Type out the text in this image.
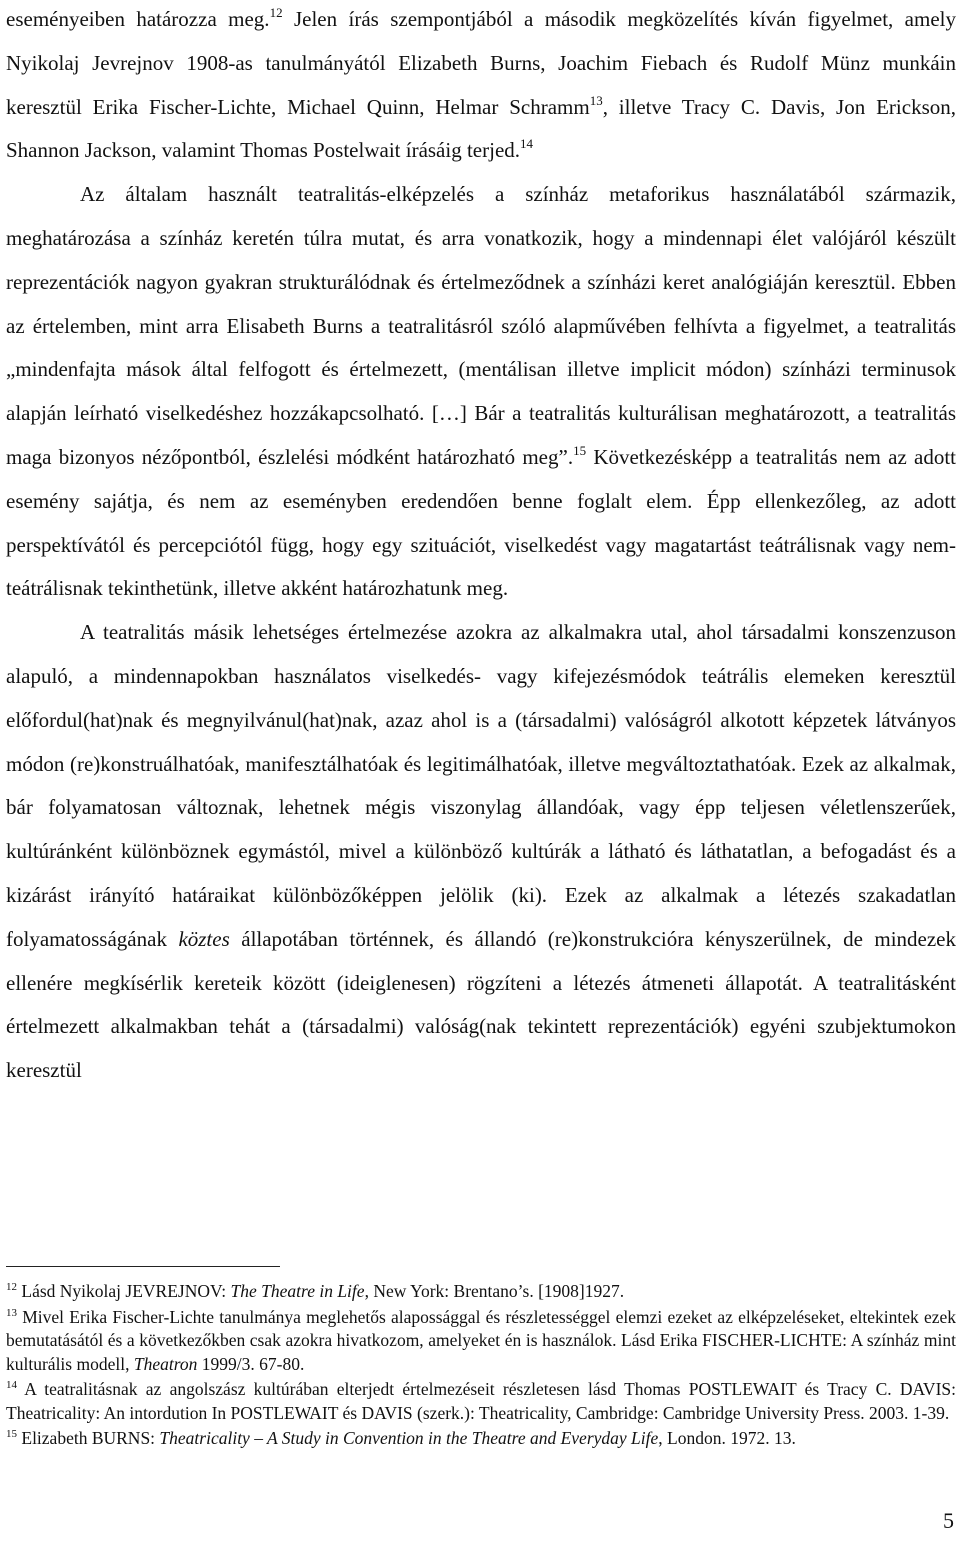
eseményeiben határozza meg.$^{12}$ Jelen írás szempontjából a második megközelítés kíván figyelmet, amely Nyikolaj Jevrejnov 1908-as tanulmányától Elizabeth Burns, Joachim Fiebach és Rudolf Münz munkáin keresztül Erika Fischer-Lichte, Michael Quinn, Helmar Schramm$^{13}$, illetve Tracy C. Davis, Jon Erickson, Shannon Jackson, valamint Thomas Postelwait írásáig terjed.$^{14}$

Az általam használt teatralitás-elképzelés a színház metaforikus használatából származik, meghatározása a színház keretén túlra mutat, és arra vonatkozik, hogy a mindennapi élet valójáról készült reprezentációk nagyon gyakran strukturálódnak és értelmeződnek a színházi keret analógiáján keresztül. Ebben az értelemben, mint arra Elisabeth Burns a teatralitásról szóló alapművében felhívta a figyelmet, a teatralitás „mindenfajta mások által felfogott és értelmezett, (mentálisan illetve implicit módon) színházi terminusok alapján leírható viselkedéshez hozzákapcsolható. […] Bár a teatralitás kulturálisan meghatározott, a teatralitás maga bizonyos nézőpontból, észlelési módként határozható meg”.$^{15}$ Következésképp a teatralitás nem az adott esemény sajátja, és nem az eseményben eredendően benne foglalt elem. Épp ellenkezőleg, az adott perspektívától és percepciótól függ, hogy egy szituációt, viselkedést vagy magatartást teátrálisnak vagy nem-teátrálisnak tekinthetünk, illetve akként határozhatunk meg.

A teatralitás másik lehetséges értelmezése azokra az alkalmakra utal, ahol társadalmi konszenzuson alapuló, a mindennapokban használatos viselkedés- vagy kifejezésmódok teátrális elemeken keresztül előfordul(hat)nak és megnyilvánul(hat)nak, azaz ahol is a (társadalmi) valóságról alkotott képzetek látványos módon (re)konstruálhatóak, manifesztálhatóak és legitimálhatóak, illetve megváltoztathatóak. Ezek az alkalmak, bár folyamatosan változnak, lehetnek mégis viszonylag állandóak, vagy épp teljesen véletlenszerűek, kultúránként különböznek egymástól, mivel a különböző kultúrák a látható és láthatatlan, a befogadást és a kizárást irányító határaikat különbözőképpen jelölik (ki). Ezek az alkalmak a létezés szakadatlan folyamatosságának köztes állapotában történnek, és állandó (re)konstrukcióra kényszerülnek, de mindezek ellenére megkísérlik kereteik között (ideiglenesen) rögzíteni a létezés átmeneti állapotát. A teatralitásként értelmezett alkalmakban tehát a (társadalmi) valóság(nak tekintett reprezentációk) egyéni szubjektumokon keresztül

$^{12}$ Lásd Nyikolaj JEVREJNOV: The Theatre in Life, New York: Brentano’s. [1908]1927.

$^{13}$ Mivel Erika Fischer-Lichte tanulmánya meglehetős alapossággal és részletességgel elemzi ezeket az elképzeléseket, eltekintek ezek bemutatásától és a következőkben csak azokra hivatkozom, amelyeket én is használok. Lásd Erika FISCHER-LICHTE: A színház mint kulturális modell, Theatron 1999/3. 67-80.

$^{14}$ A teatralitásnak az angolszász kultúrában elterjedt értelmezéseit részletesen lásd Thomas POSTLEWAIT és Tracy C. DAVIS: Theatricality: An intordution In POSTLEWAIT és DAVIS (szerk.): Theatricality, Cambridge: Cambridge University Press. 2003. 1-39.

$^{15}$ Elizabeth BURNS: Theatricality – A Study in Convention in the Theatre and Everyday Life, London. 1972. 13.

5
